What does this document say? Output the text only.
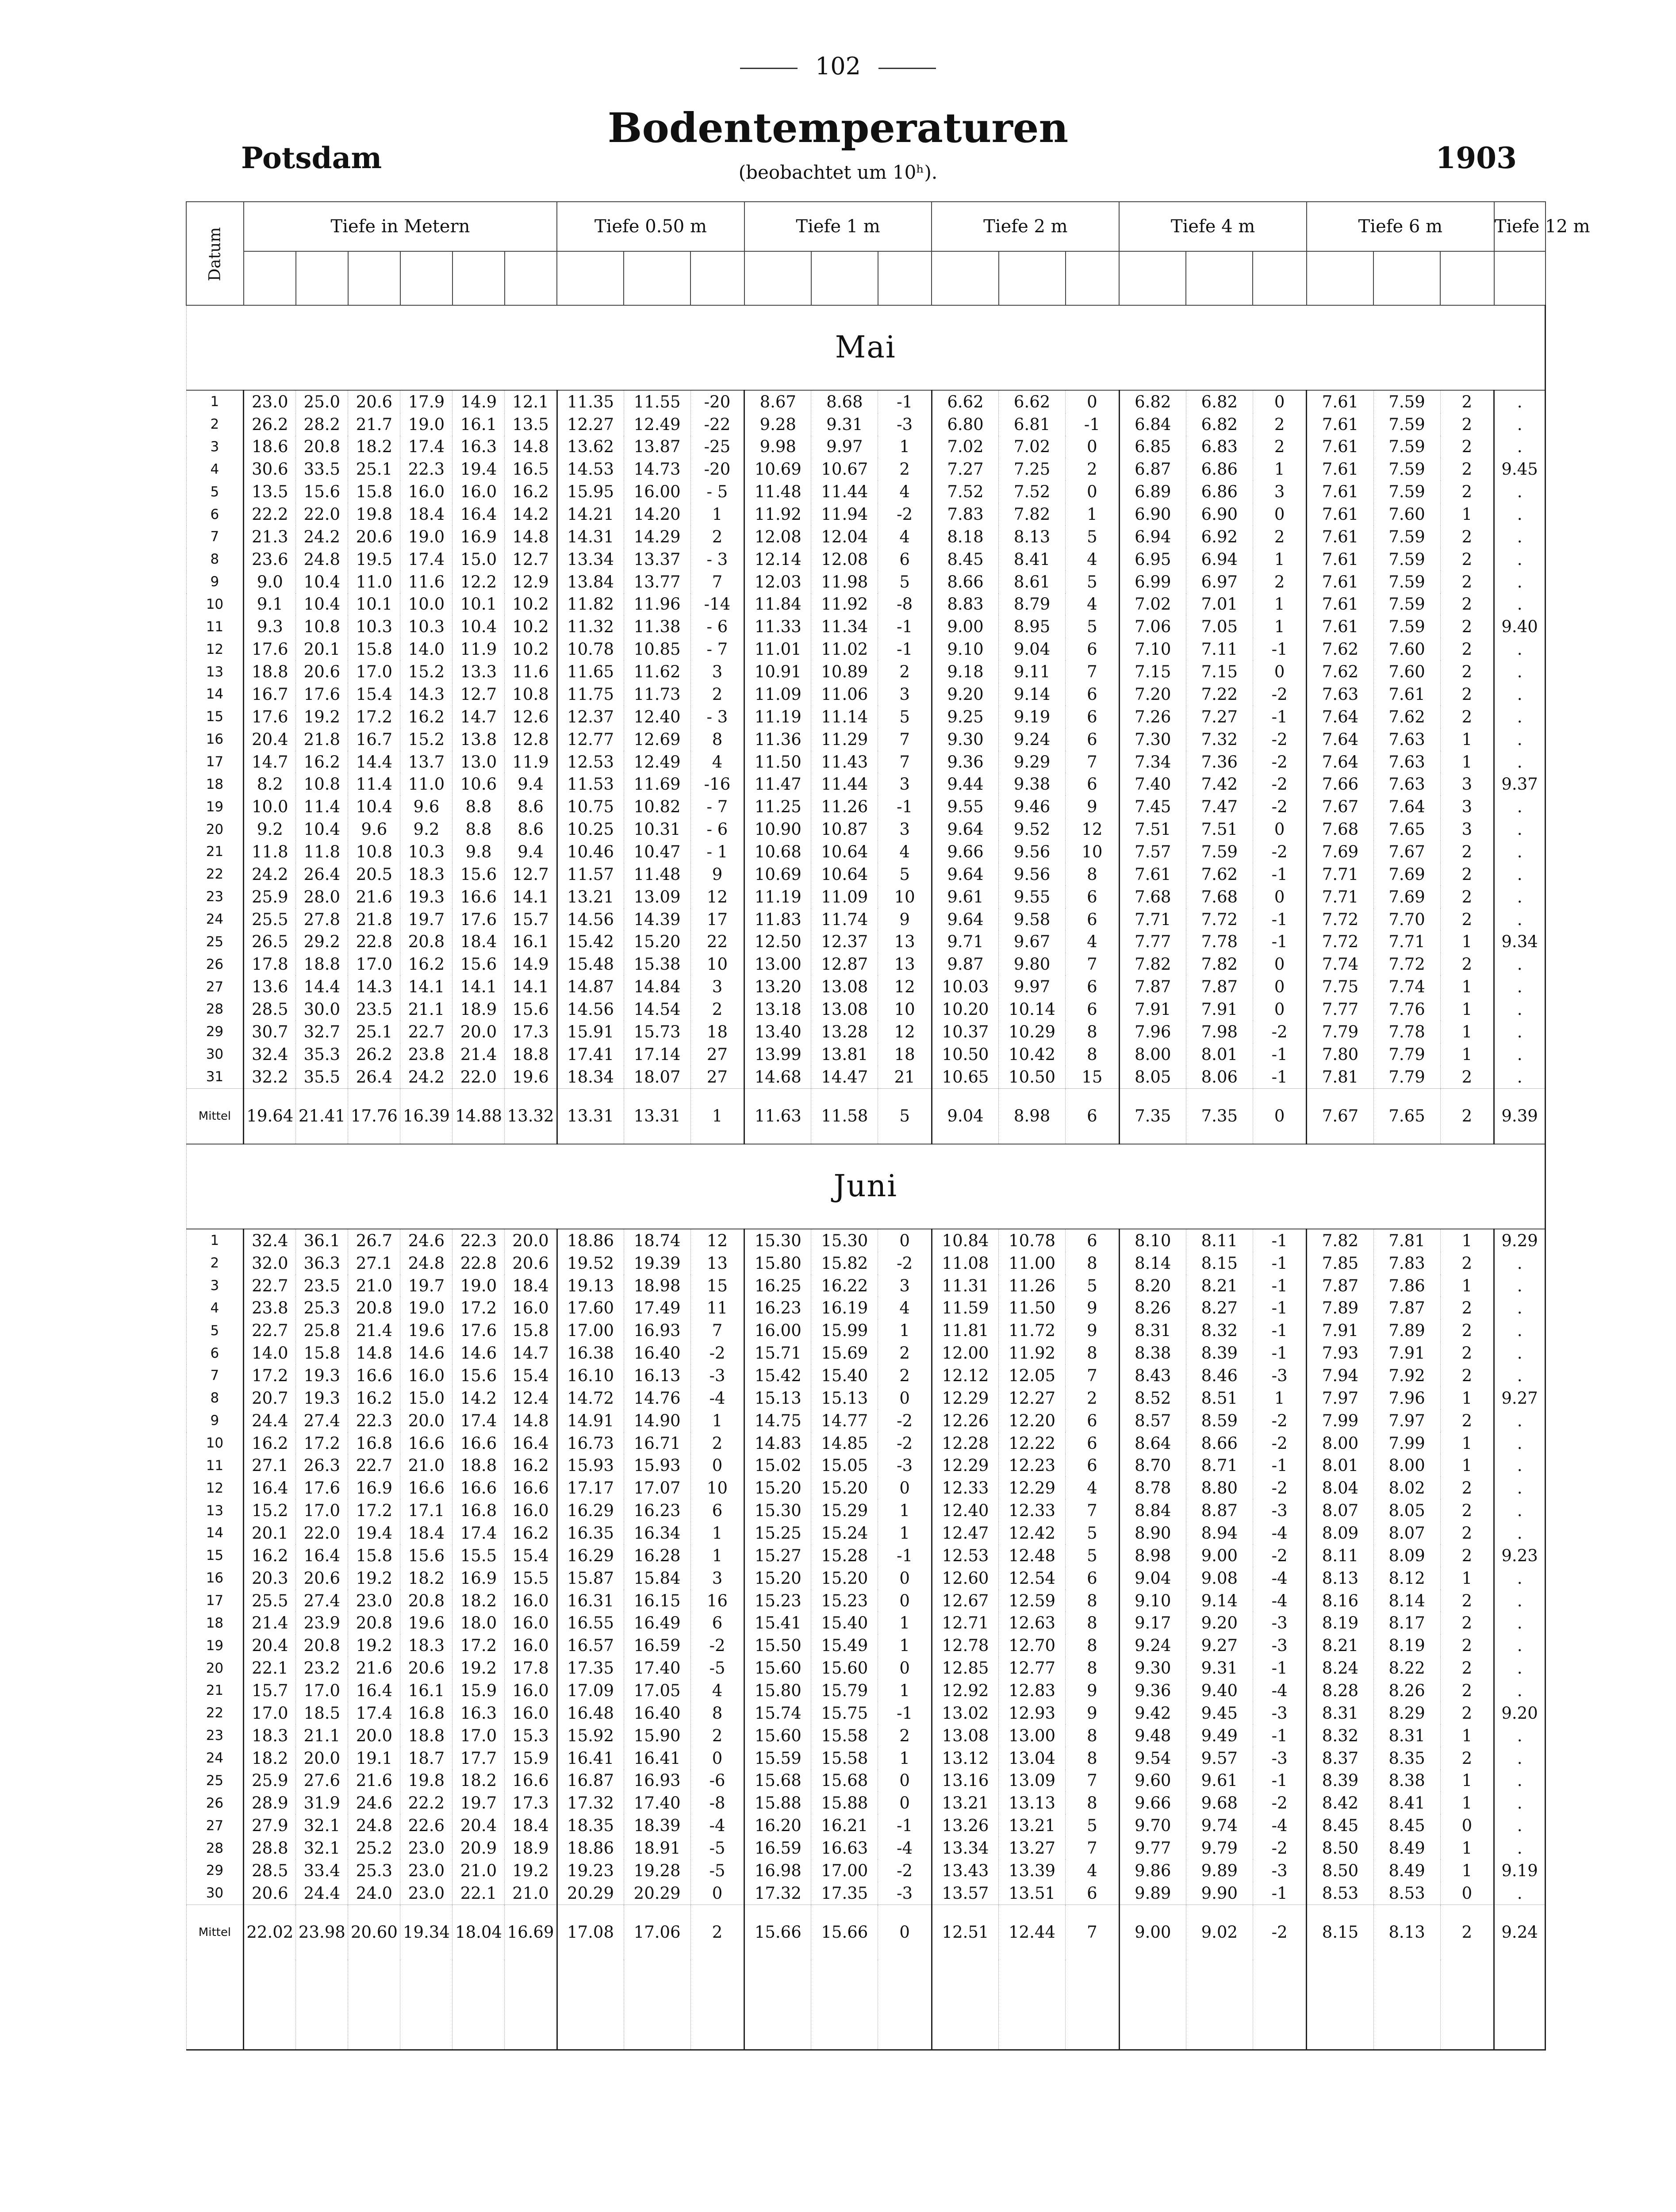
102
Bodentemperaturen
(beobachtet um 10ʰ).
Potsdam	1903
Datum	Tiefe in Metern						Tiefe 0.50 m			Tiefe 1 m			Tiefe 2 m			Tiefe 4 m			Tiefe 6 m			Tiefe 12 m

Mai																						
1	23.0	25.0	20.6	17.9	14.9	12.1	11.35	11.55	-20	8.67	8.68	-1	6.62	6.62	0	6.82	6.82	0	7.61	7.59	2	.
2	26.2	28.2	21.7	19.0	16.1	13.5	12.27	12.49	-22	9.28	9.31	-3	6.80	6.81	-1	6.84	6.82	2	7.61	7.59	2	.
3	18.6	20.8	18.2	17.4	16.3	14.8	13.62	13.87	-25	9.98	9.97	1	7.02	7.02	0	6.85	6.83	2	7.61	7.59	2	.
4	30.6	33.5	25.1	22.3	19.4	16.5	14.53	14.73	-20	10.69	10.67	2	7.27	7.25	2	6.87	6.86	1	7.61	7.59	2	9.45
5	13.5	15.6	15.8	16.0	16.0	16.2	15.95	16.00	- 5	11.48	11.44	4	7.52	7.52	0	6.89	6.86	3	7.61	7.59	2	.
6	22.2	22.0	19.8	18.4	16.4	14.2	14.21	14.20	1	11.92	11.94	-2	7.83	7.82	1	6.90	6.90	0	7.61	7.60	1	.
7	21.3	24.2	20.6	19.0	16.9	14.8	14.31	14.29	2	12.08	12.04	4	8.18	8.13	5	6.94	6.92	2	7.61	7.59	2	.
8	23.6	24.8	19.5	17.4	15.0	12.7	13.34	13.37	- 3	12.14	12.08	6	8.45	8.41	4	6.95	6.94	1	7.61	7.59	2	.
9	9.0	10.4	11.0	11.6	12.2	12.9	13.84	13.77	7	12.03	11.98	5	8.66	8.61	5	6.99	6.97	2	7.61	7.59	2	.
10	9.1	10.4	10.1	10.0	10.1	10.2	11.82	11.96	-14	11.84	11.92	-8	8.83	8.79	4	7.02	7.01	1	7.61	7.59	2	.
11	9.3	10.8	10.3	10.3	10.4	10.2	11.32	11.38	- 6	11.33	11.34	-1	9.00	8.95	5	7.06	7.05	1	7.61	7.59	2	9.40
12	17.6	20.1	15.8	14.0	11.9	10.2	10.78	10.85	- 7	11.01	11.02	-1	9.10	9.04	6	7.10	7.11	-1	7.62	7.60	2	.
13	18.8	20.6	17.0	15.2	13.3	11.6	11.65	11.62	3	10.91	10.89	2	9.18	9.11	7	7.15	7.15	0	7.62	7.60	2	.
14	16.7	17.6	15.4	14.3	12.7	10.8	11.75	11.73	2	11.09	11.06	3	9.20	9.14	6	7.20	7.22	-2	7.63	7.61	2	.
15	17.6	19.2	17.2	16.2	14.7	12.6	12.37	12.40	- 3	11.19	11.14	5	9.25	9.19	6	7.26	7.27	-1	7.64	7.62	2	.
16	20.4	21.8	16.7	15.2	13.8	12.8	12.77	12.69	8	11.36	11.29	7	9.30	9.24	6	7.30	7.32	-2	7.64	7.63	1	.
17	14.7	16.2	14.4	13.7	13.0	11.9	12.53	12.49	4	11.50	11.43	7	9.36	9.29	7	7.34	7.36	-2	7.64	7.63	1	.
18	8.2	10.8	11.4	11.0	10.6	9.4	11.53	11.69	-16	11.47	11.44	3	9.44	9.38	6	7.40	7.42	-2	7.66	7.63	3	9.37
19	10.0	11.4	10.4	9.6	8.8	8.6	10.75	10.82	- 7	11.25	11.26	-1	9.55	9.46	9	7.45	7.47	-2	7.67	7.64	3	.
20	9.2	10.4	9.6	9.2	8.8	8.6	10.25	10.31	- 6	10.90	10.87	3	9.64	9.52	12	7.51	7.51	0	7.68	7.65	3	.
21	11.8	11.8	10.8	10.3	9.8	9.4	10.46	10.47	- 1	10.68	10.64	4	9.66	9.56	10	7.57	7.59	-2	7.69	7.67	2	.
22	24.2	26.4	20.5	18.3	15.6	12.7	11.57	11.48	9	10.69	10.64	5	9.64	9.56	8	7.61	7.62	-1	7.71	7.69	2	.
23	25.9	28.0	21.6	19.3	16.6	14.1	13.21	13.09	12	11.19	11.09	10	9.61	9.55	6	7.68	7.68	0	7.71	7.69	2	.
24	25.5	27.8	21.8	19.7	17.6	15.7	14.56	14.39	17	11.83	11.74	9	9.64	9.58	6	7.71	7.72	-1	7.72	7.70	2	.
25	26.5	29.2	22.8	20.8	18.4	16.1	15.42	15.20	22	12.50	12.37	13	9.71	9.67	4	7.77	7.78	-1	7.72	7.71	1	9.34
26	17.8	18.8	17.0	16.2	15.6	14.9	15.48	15.38	10	13.00	12.87	13	9.87	9.80	7	7.82	7.82	0	7.74	7.72	2	.
27	13.6	14.4	14.3	14.1	14.1	14.1	14.87	14.84	3	13.20	13.08	12	10.03	9.97	6	7.87	7.87	0	7.75	7.74	1	.
28	28.5	30.0	23.5	21.1	18.9	15.6	14.56	14.54	2	13.18	13.08	10	10.20	10.14	6	7.91	7.91	0	7.77	7.76	1	.
29	30.7	32.7	25.1	22.7	20.0	17.3	15.91	15.73	18	13.40	13.28	12	10.37	10.29	8	7.96	7.98	-2	7.79	7.78	1	.
30	32.4	35.3	26.2	23.8	21.4	18.8	17.41	17.14	27	13.99	13.81	18	10.50	10.42	8	8.00	8.01	-1	7.80	7.79	1	.
31	32.2	35.5	26.4	24.2	22.0	19.6	18.34	18.07	27	14.68	14.47	21	10.65	10.50	15	8.05	8.06	-1	7.81	7.79	2	.
Mittel	19.64	21.41	17.76	16.39	14.88	13.32	13.31	13.31	1	11.63	11.58	5	9.04	8.98	6	7.35	7.35	0	7.67	7.65	2	9.39
Juni																						
1	32.4	36.1	26.7	24.6	22.3	20.0	18.86	18.74	12	15.30	15.30	0	10.84	10.78	6	8.10	8.11	-1	7.82	7.81	1	9.29
2	32.0	36.3	27.1	24.8	22.8	20.6	19.52	19.39	13	15.80	15.82	-2	11.08	11.00	8	8.14	8.15	-1	7.85	7.83	2	.
3	22.7	23.5	21.0	19.7	19.0	18.4	19.13	18.98	15	16.25	16.22	3	11.31	11.26	5	8.20	8.21	-1	7.87	7.86	1	.
4	23.8	25.3	20.8	19.0	17.2	16.0	17.60	17.49	11	16.23	16.19	4	11.59	11.50	9	8.26	8.27	-1	7.89	7.87	2	.
5	22.7	25.8	21.4	19.6	17.6	15.8	17.00	16.93	7	16.00	15.99	1	11.81	11.72	9	8.31	8.32	-1	7.91	7.89	2	.
6	14.0	15.8	14.8	14.6	14.6	14.7	16.38	16.40	-2	15.71	15.69	2	12.00	11.92	8	8.38	8.39	-1	7.93	7.91	2	.
7	17.2	19.3	16.6	16.0	15.6	15.4	16.10	16.13	-3	15.42	15.40	2	12.12	12.05	7	8.43	8.46	-3	7.94	7.92	2	.
8	20.7	19.3	16.2	15.0	14.2	12.4	14.72	14.76	-4	15.13	15.13	0	12.29	12.27	2	8.52	8.51	1	7.97	7.96	1	9.27
9	24.4	27.4	22.3	20.0	17.4	14.8	14.91	14.90	1	14.75	14.77	-2	12.26	12.20	6	8.57	8.59	-2	7.99	7.97	2	.
10	16.2	17.2	16.8	16.6	16.6	16.4	16.73	16.71	2	14.83	14.85	-2	12.28	12.22	6	8.64	8.66	-2	8.00	7.99	1	.
11	27.1	26.3	22.7	21.0	18.8	16.2	15.93	15.93	0	15.02	15.05	-3	12.29	12.23	6	8.70	8.71	-1	8.01	8.00	1	.
12	16.4	17.6	16.9	16.6	16.6	16.6	17.17	17.07	10	15.20	15.20	0	12.33	12.29	4	8.78	8.80	-2	8.04	8.02	2	.
13	15.2	17.0	17.2	17.1	16.8	16.0	16.29	16.23	6	15.30	15.29	1	12.40	12.33	7	8.84	8.87	-3	8.07	8.05	2	.
14	20.1	22.0	19.4	18.4	17.4	16.2	16.35	16.34	1	15.25	15.24	1	12.47	12.42	5	8.90	8.94	-4	8.09	8.07	2	.
15	16.2	16.4	15.8	15.6	15.5	15.4	16.29	16.28	1	15.27	15.28	-1	12.53	12.48	5	8.98	9.00	-2	8.11	8.09	2	9.23
16	20.3	20.6	19.2	18.2	16.9	15.5	15.87	15.84	3	15.20	15.20	0	12.60	12.54	6	9.04	9.08	-4	8.13	8.12	1	.
17	25.5	27.4	23.0	20.8	18.2	16.0	16.31	16.15	16	15.23	15.23	0	12.67	12.59	8	9.10	9.14	-4	8.16	8.14	2	.
18	21.4	23.9	20.8	19.6	18.0	16.0	16.55	16.49	6	15.41	15.40	1	12.71	12.63	8	9.17	9.20	-3	8.19	8.17	2	.
19	20.4	20.8	19.2	18.3	17.2	16.0	16.57	16.59	-2	15.50	15.49	1	12.78	12.70	8	9.24	9.27	-3	8.21	8.19	2	.
20	22.1	23.2	21.6	20.6	19.2	17.8	17.35	17.40	-5	15.60	15.60	0	12.85	12.77	8	9.30	9.31	-1	8.24	8.22	2	.
21	15.7	17.0	16.4	16.1	15.9	16.0	17.09	17.05	4	15.80	15.79	1	12.92	12.83	9	9.36	9.40	-4	8.28	8.26	2	.
22	17.0	18.5	17.4	16.8	16.3	16.0	16.48	16.40	8	15.74	15.75	-1	13.02	12.93	9	9.42	9.45	-3	8.31	8.29	2	9.20
23	18.3	21.1	20.0	18.8	17.0	15.3	15.92	15.90	2	15.60	15.58	2	13.08	13.00	8	9.48	9.49	-1	8.32	8.31	1	.
24	18.2	20.0	19.1	18.7	17.7	15.9	16.41	16.41	0	15.59	15.58	1	13.12	13.04	8	9.54	9.57	-3	8.37	8.35	2	.
25	25.9	27.6	21.6	19.8	18.2	16.6	16.87	16.93	-6	15.68	15.68	0	13.16	13.09	7	9.60	9.61	-1	8.39	8.38	1	.
26	28.9	31.9	24.6	22.2	19.7	17.3	17.32	17.40	-8	15.88	15.88	0	13.21	13.13	8	9.66	9.68	-2	8.42	8.41	1	.
27	27.9	32.1	24.8	22.6	20.4	18.4	18.35	18.39	-4	16.20	16.21	-1	13.26	13.21	5	9.70	9.74	-4	8.45	8.45	0	.
28	28.8	32.1	25.2	23.0	20.9	18.9	18.86	18.91	-5	16.59	16.63	-4	13.34	13.27	7	9.77	9.79	-2	8.50	8.49	1	.
29	28.5	33.4	25.3	23.0	21.0	19.2	19.23	19.28	-5	16.98	17.00	-2	13.43	13.39	4	9.86	9.89	-3	8.50	8.49	1	9.19
30	20.6	24.4	24.0	23.0	22.1	21.0	20.29	20.29	0	17.32	17.35	-3	13.57	13.51	6	9.89	9.90	-1	8.53	8.53	0	.
Mittel	22.02	23.98	20.60	19.34	18.04	16.69	17.08	17.06	2	15.66	15.66	0	12.51	12.44	7	9.00	9.02	-2	8.15	8.13	2	9.24
